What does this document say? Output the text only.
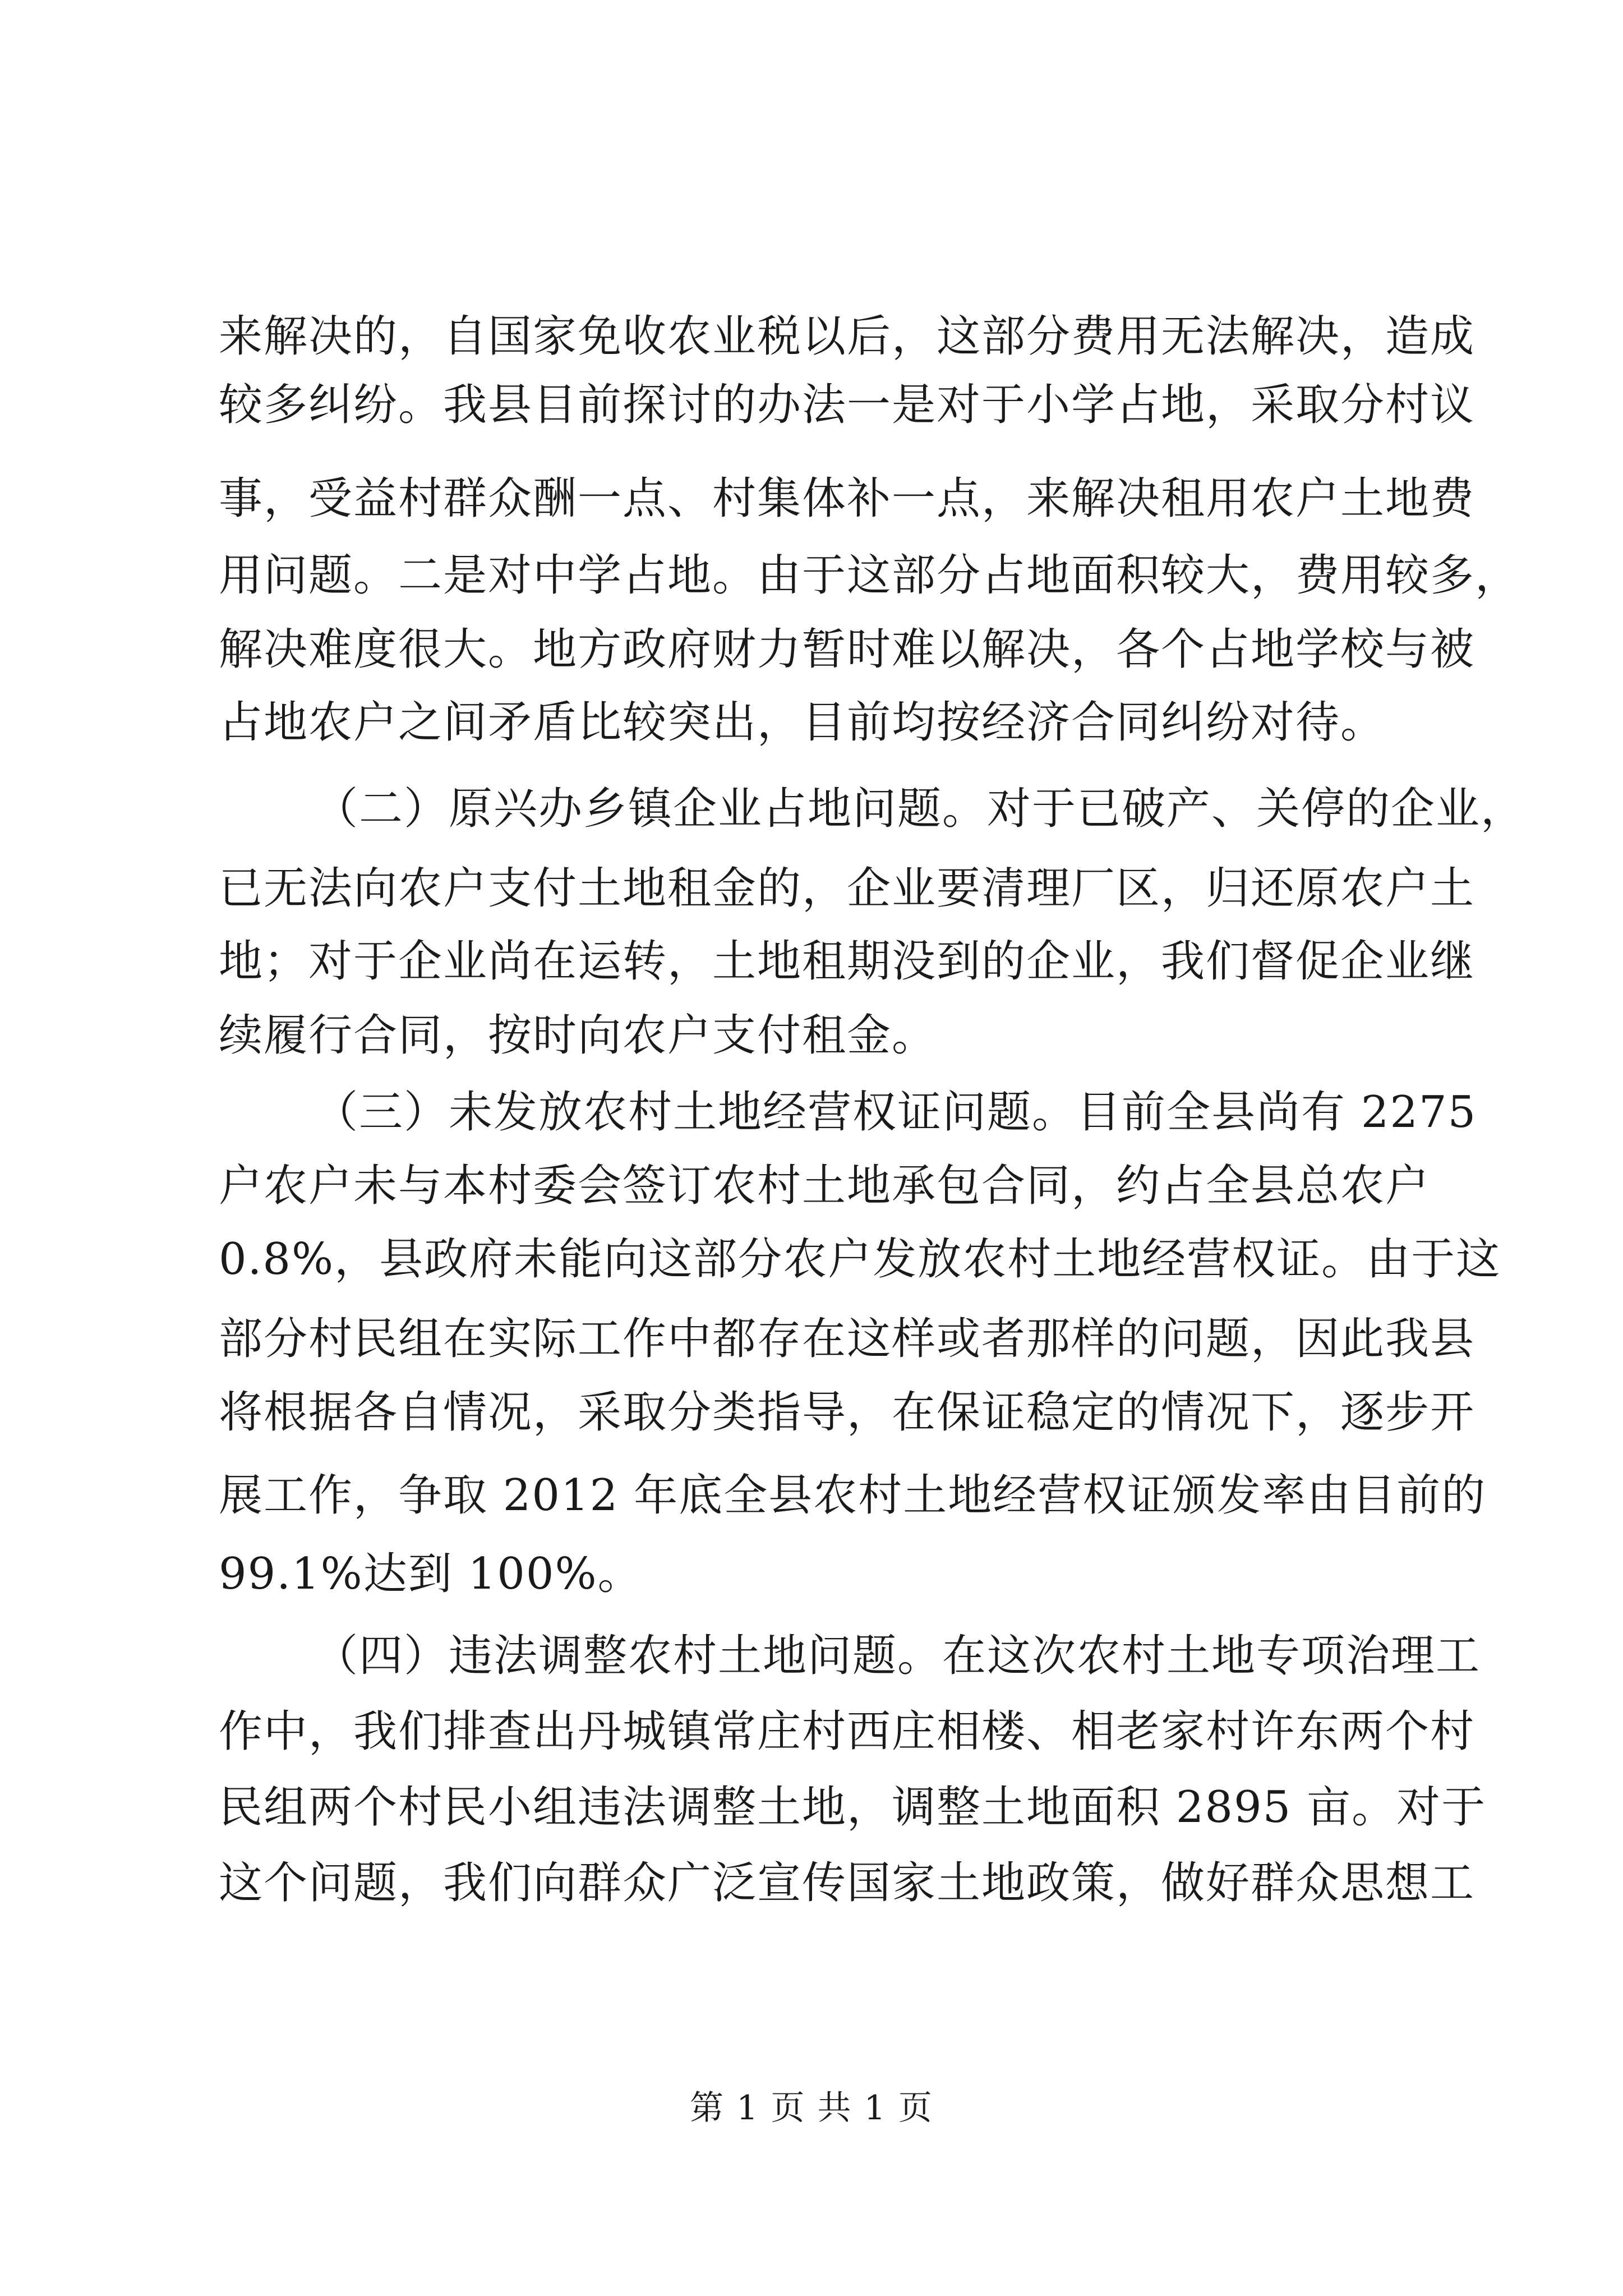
来解决的，自国家免收农业税以后，这部分费用无法解决，造成
较多纠纷。我县目前探讨的办法一是对于小学占地，采取分村议
事，受益村群众酬一点、村集体补一点，来解决租用农户土地费
用问题。二是对中学占地。由于这部分占地面积较大，费用较多，
解决难度很大。地方政府财力暂时难以解决，各个占地学校与被
占地农户之间矛盾比较突出，目前均按经济合同纠纷对待。
（二）原兴办乡镇企业占地问题。对于已破产、关停的企业，
已无法向农户支付土地租金的，企业要清理厂区，归还原农户土
地；对于企业尚在运转，土地租期没到的企业，我们督促企业继
续履行合同，按时向农户支付租金。
（三）未发放农村土地经营权证问题。目前全县尚有 2275
户农户未与本村委会签订农村土地承包合同，约占全县总农户
0.8%，县政府未能向这部分农户发放农村土地经营权证。由于这
部分村民组在实际工作中都存在这样或者那样的问题，因此我县
将根据各自情况，采取分类指导，在保证稳定的情况下，逐步开
展工作，争取 2012 年底全县农村土地经营权证颁发率由目前的
99.1%达到 100%。
（四）违法调整农村土地问题。在这次农村土地专项治理工
作中，我们排查出丹城镇常庄村西庄相楼、相老家村许东两个村
民组两个村民小组违法调整土地，调整土地面积 2895 亩。对于
这个问题，我们向群众广泛宣传国家土地政策，做好群众思想工
第 1 页 共 1 页
